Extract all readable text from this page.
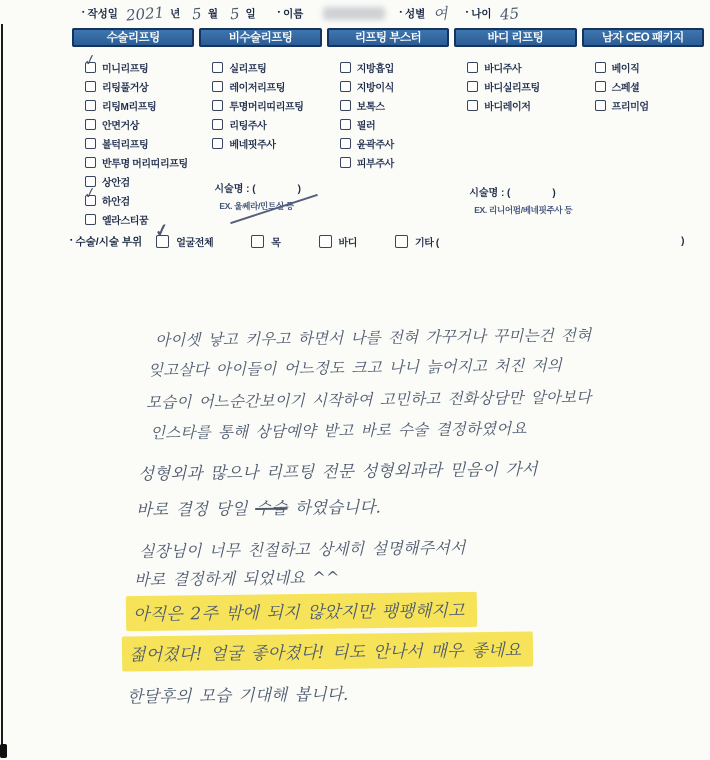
▪ 작성일 2021 년 5 월 5 일	▪ 이름	▪ 성별 여 ▪ 나이 45
수술리프팅
✓ 미니리프팅
리팅풀거상
리팅M리프팅
안면거상
볼턱리프팅
반투명 머리띠리프팅
상안검
✓ 하안검
엘라스티꿈
비수술리프팅
실리프팅
레이저리프팅
투명머리띠리프팅
리팅주사
베네핏주사
시술명 : (	)
EX. 울쎄라/민트실 등
리프팅 부스터
지방흡입
지방이식
보톡스
필러
윤곽주사
피부주사
바디 리프팅
바디주사
바디실리프팅
바디레이저
시술명 : (	)
EX. 리니어펌/베네핏주사 등
남자 CEO 패키지
베이직
스페셜
프리미엄
▪ 수술/시술 부위 ✓
얼굴전체	목	바디	기타 (	)
아이셋 낳고 키우고 하면서 나를 전혀 가꾸거나 꾸미는건 전혀
잊고살다 아이들이 어느정도 크고 나니 늙어지고 처진 저의
모습이 어느순간보이기 시작하여 고민하고 전화상담만 알아보다
인스타를 통해 상담예약 받고 바로 수술 결정하였어요
성형외과 많으나 리프팅 전문 성형외과라 믿음이 가서
바로 결정 당일 수술 하였습니다.
실장님이 너무 친절하고 상세히 설명해주셔서
바로 결정하게 되었네요 ^^
아직은 2주 밖에 되지 않았지만 팽팽해지고
젊어졌다! 얼굴 좋아졌다! 티도 안나서 매우 좋네요
한달후의 모습 기대해 봅니다.
